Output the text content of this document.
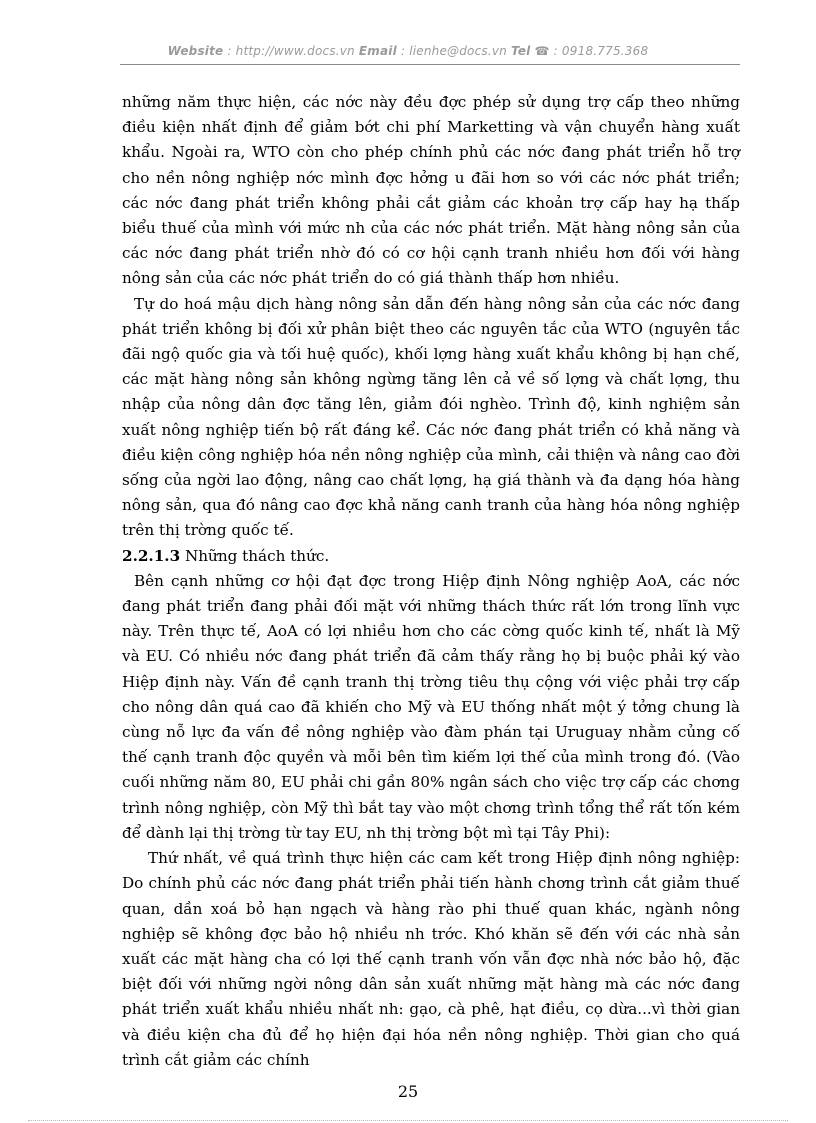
Website : http://www.docs.vn Email : lienhe@docs.vn Tel ☎ : 0918.775.368

những năm thực hiện, các nớc này đều đợc phép sử dụng trợ cấp theo những điều kiện nhất định để giảm bớt chi phí Marketting và vận chuyển hàng xuất khẩu. Ngoài ra, WTO còn cho phép chính phủ các nớc đang phát triển hỗ trợ cho nền nông nghiệp nớc mình đợc hởng u đãi hơn so với các nớc phát triển; các nớc đang phát triển không phải cắt giảm các khoản trợ cấp hay hạ thấp biểu thuế của mình với mức nh của các nớc phát triển. Mặt hàng nông sản của các nớc đang phát triển nhờ đó có cơ hội cạnh tranh nhiều hơn đối với hàng nông sản của các nớc phát triển do có giá thành thấp hơn nhiều.

Tự do hoá mậu dịch hàng nông sản dẫn đến hàng nông sản của các nớc đang phát triển không bị đối xử phân biệt theo các nguyên tắc của WTO (nguyên tắc đãi ngộ quốc gia và tối huệ quốc), khối lợng hàng xuất khẩu không bị hạn chế, các mặt hàng nông sản không ngừng tăng lên cả về số lợng và chất lợng, thu nhập của nông dân đợc tăng lên, giảm đói nghèo. Trình độ, kinh nghiệm sản xuất nông nghiệp tiến bộ rất đáng kể. Các nớc đang phát triển có khả năng và điều kiện công nghiệp hóa nền nông nghiệp của mình, cải thiện và nâng cao đời sống của ngời lao động, nâng cao chất lợng, hạ giá thành và đa dạng hóa hàng nông sản, qua đó nâng cao đợc khả năng canh tranh của hàng hóa nông nghiệp trên thị trờng quốc tế.

2.2.1.3 Những thách thức.

Bên cạnh những cơ hội đạt đợc trong Hiệp định Nông nghiệp AoA, các nớc đang phát triển đang phải đối mặt với những thách thức rất lớn trong lĩnh vực này. Trên thực tế, AoA có lợi nhiều hơn cho các cờng quốc kinh tế, nhất là Mỹ và EU. Có nhiều nớc đang phát triển đã cảm thấy rằng họ bị buộc phải ký vào Hiệp định này. Vấn đề cạnh tranh thị trờng tiêu thụ cộng với việc phải trợ cấp cho nông dân quá cao đã khiến cho Mỹ và EU thống nhất một ý tởng chung là cùng nỗ lực đa vấn đề nông nghiệp vào đàm phán tại Uruguay nhằm củng cố thế cạnh tranh độc quyền và mỗi bên tìm kiếm lợi thế của mình trong đó. (Vào cuối những năm 80, EU phải chi gần 80% ngân sách cho việc trợ cấp các chơng trình nông nghiệp, còn Mỹ thì bắt tay vào một chơng trình tổng thể rất tốn kém để dành lại thị trờng từ tay EU, nh thị trờng bột mì tại Tây Phi):

Thứ nhất, về quá trình thực hiện các cam kết trong Hiệp định nông nghiệp: Do chính phủ các nớc đang phát triển phải tiến hành chơng trình cắt giảm thuế quan, dần xoá bỏ hạn ngạch và hàng rào phi thuế quan khác, ngành nông nghiệp sẽ không đợc bảo hộ nhiều nh trớc. Khó khăn sẽ đến với các nhà sản xuất các mặt hàng cha có lợi thế cạnh tranh vốn vẫn đợc nhà nớc bảo hộ, đặc biệt đối với những ngời nông dân sản xuất những mặt hàng mà các nớc đang phát triển xuất khẩu nhiều nhất nh: gạo, cà phê, hạt điều, cọ dừa...vì thời gian và điều kiện cha đủ để họ hiện đại hóa nền nông nghiệp. Thời gian cho quá trình cắt giảm các chính

25
